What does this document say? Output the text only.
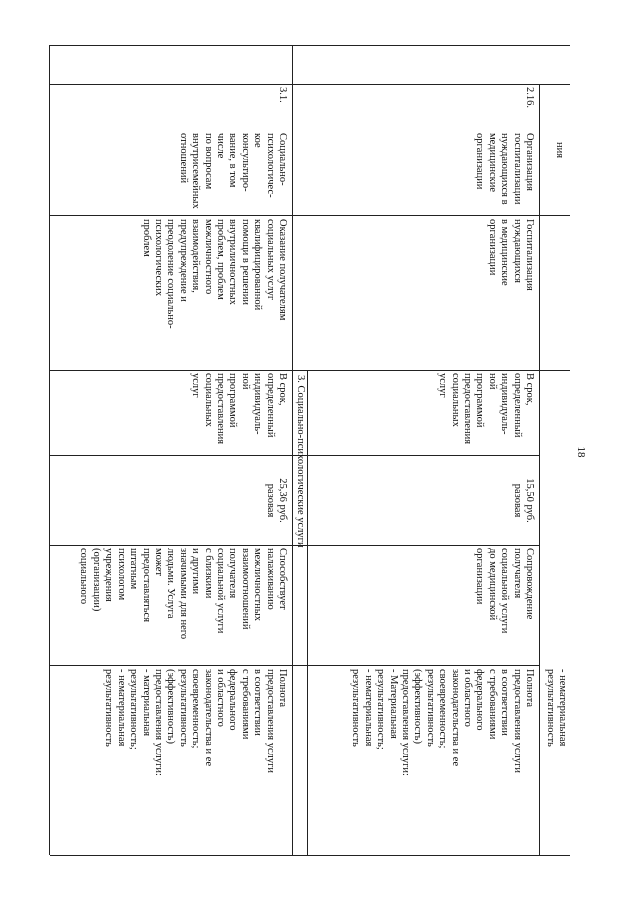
18
ния
- нематериальная
результативность
2.16.
Организация
госпитализации
нуждающихся в
медицинские
организации
Госпитализация
нуждающихся
в медицинские
организации
В срок,
определенный
индивидуаль-
ной
программой
предоставления
социальных
услуг
15,50 руб.
разовая
Сопровождение
получателя
социальной услуги
до медицинской
организации
Полнота
предоставления услуги
в соответствии
с требованиями
федерального
и областного
законодательства и ее
своевременность;
результативность
(эффективность)
предоставления услуги:
- Материальная
результативность;
- нематериальная
результативность
3. Социально-психологические услуги
3.1.
Социально-
психологичес-
кое
консультиро-
вание, в том числе
по вопросам
внутрисемейных
отношений
Оказание получателям
социальных услуг
квалифицированной
помощи в решении
внутриличностных
проблем, проблем
межличностного
взаимодействия,
предупреждение и
преодоление социально-
психологических
проблем
В срок,
определенный
индивидуаль-
ной
программой
предоставления
социальных
услуг
25,36 руб.
разовая
Способствует
налаживанию
межличностных
взаимоотношений
получателя
социальной услуги
с близкими
и другими
значимыми для него
людьми. Услуга
может
предоставляться
штатным
психологом
учреждения
(организации)
социального
Полнота
предоставления услуги
в соответствии
с требованиями
федерального
и областного
законодательства и ее
своевременность;
результативность
(эффективность)
предоставления услуги:
- материальная
результативность;
- нематериальная
результативность
